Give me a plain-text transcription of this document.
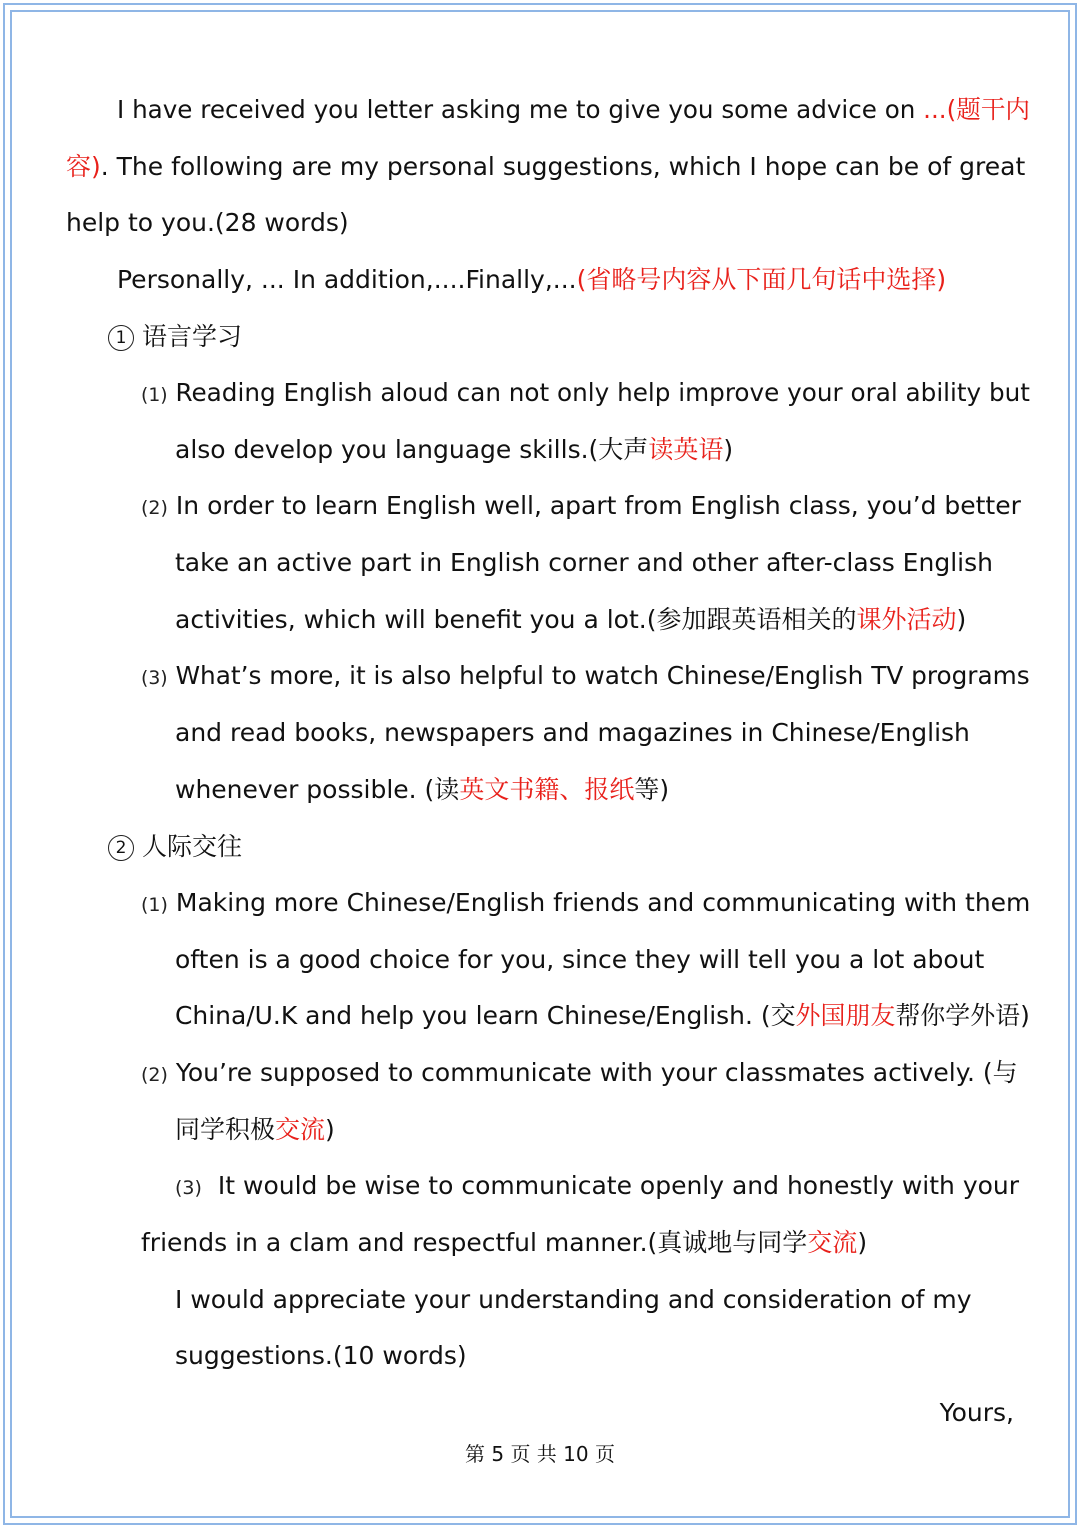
I have received you letter asking me to give you some advice on ...(题干内
容). The following are my personal suggestions, which I hope can be of great
help to you.(28 words)
Personally, ... In addition,....Finally,...(省略号内容从下面几句话中选择)
1 语言学习
(1) Reading English aloud can not only help improve your oral ability but
also develop you language skills.(大声读英语)
(2) In order to learn English well, apart from English class, you’d better
take an active part in English corner and other after-class English
activities, which will benefit you a lot.(参加跟英语相关的课外活动)
(3) What’s more, it is also helpful to watch Chinese/English TV programs
and read books, newspapers and magazines in Chinese/English
whenever possible. (读英文书籍、报纸等)
2 人际交往
(1) Making more Chinese/English friends and communicating with them
often is a good choice for you, since they will tell you a lot about
China/U.K and help you learn Chinese/English. (交外国朋友帮你学外语)
(2) You’re supposed to communicate with your classmates actively. (与
同学积极交流)
(3) It would be wise to communicate openly and honestly with your
friends in a clam and respectful manner.(真诚地与同学交流)
I would appreciate your understanding and consideration of my
suggestions.(10 words)
Yours,
第 5 页 共 10 页
